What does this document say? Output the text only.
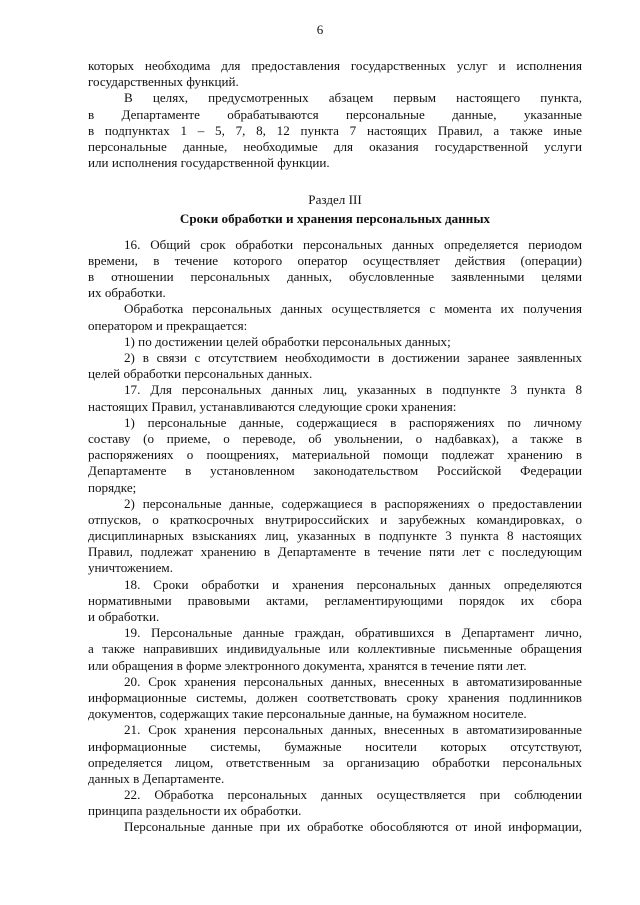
6
которых необходима для предоставления государственных услуг и исполнения
государственных функций.
В целях, предусмотренных абзацем первым настоящего пункта,
в Департаменте обрабатываются персональные данные, указанные
в подпунктах 1 – 5, 7, 8, 12 пункта 7 настоящих Правил, а также иные
персональные данные, необходимые для оказания государственной услуги
или исполнения государственной функции.
Раздел III
Сроки обработки и хранения персональных данных
16. Общий срок обработки персональных данных определяется периодом
времени, в течение которого оператор осуществляет действия (операции)
в отношении персональных данных, обусловленные заявленными целями
их обработки.
Обработка персональных данных осуществляется с момента их получения
оператором и прекращается:
1) по достижении целей обработки персональных данных;
2) в связи с отсутствием необходимости в достижении заранее заявленных
целей обработки персональных данных.
17. Для персональных данных лиц, указанных в подпункте 3 пункта 8
настоящих Правил, устанавливаются следующие сроки хранения:
1) персональные данные, содержащиеся в распоряжениях по личному
составу (о приеме, о переводе, об увольнении, о надбавках), а также в
распоряжениях о поощрениях, материальной помощи подлежат хранению в
Департаменте в установленном законодательством Российской Федерации
порядке;
2) персональные данные, содержащиеся в распоряжениях о предоставлении
отпусков, о краткосрочных внутрироссийских и зарубежных командировках, о
дисциплинарных взысканиях лиц, указанных в подпункте 3 пункта 8 настоящих
Правил, подлежат хранению в Департаменте в течение пяти лет с последующим
уничтожением.
18. Сроки обработки и хранения персональных данных определяются
нормативными правовыми актами, регламентирующими порядок их сбора
и обработки.
19. Персональные данные граждан, обратившихся в Департамент лично,
а также направивших индивидуальные или коллективные письменные обращения
или обращения в форме электронного документа, хранятся в течение пяти лет.
20. Срок хранения персональных данных, внесенных в автоматизированные
информационные системы, должен соответствовать сроку хранения подлинников
документов, содержащих такие персональные данные, на бумажном носителе.
21. Срок хранения персональных данных, внесенных в автоматизированные
информационные системы, бумажные носители которых отсутствуют,
определяется лицом, ответственным за организацию обработки персональных
данных в Департаменте.
22. Обработка персональных данных осуществляется при соблюдении
принципа раздельности их обработки.
Персональные данные при их обработке обособляются от иной информации,
